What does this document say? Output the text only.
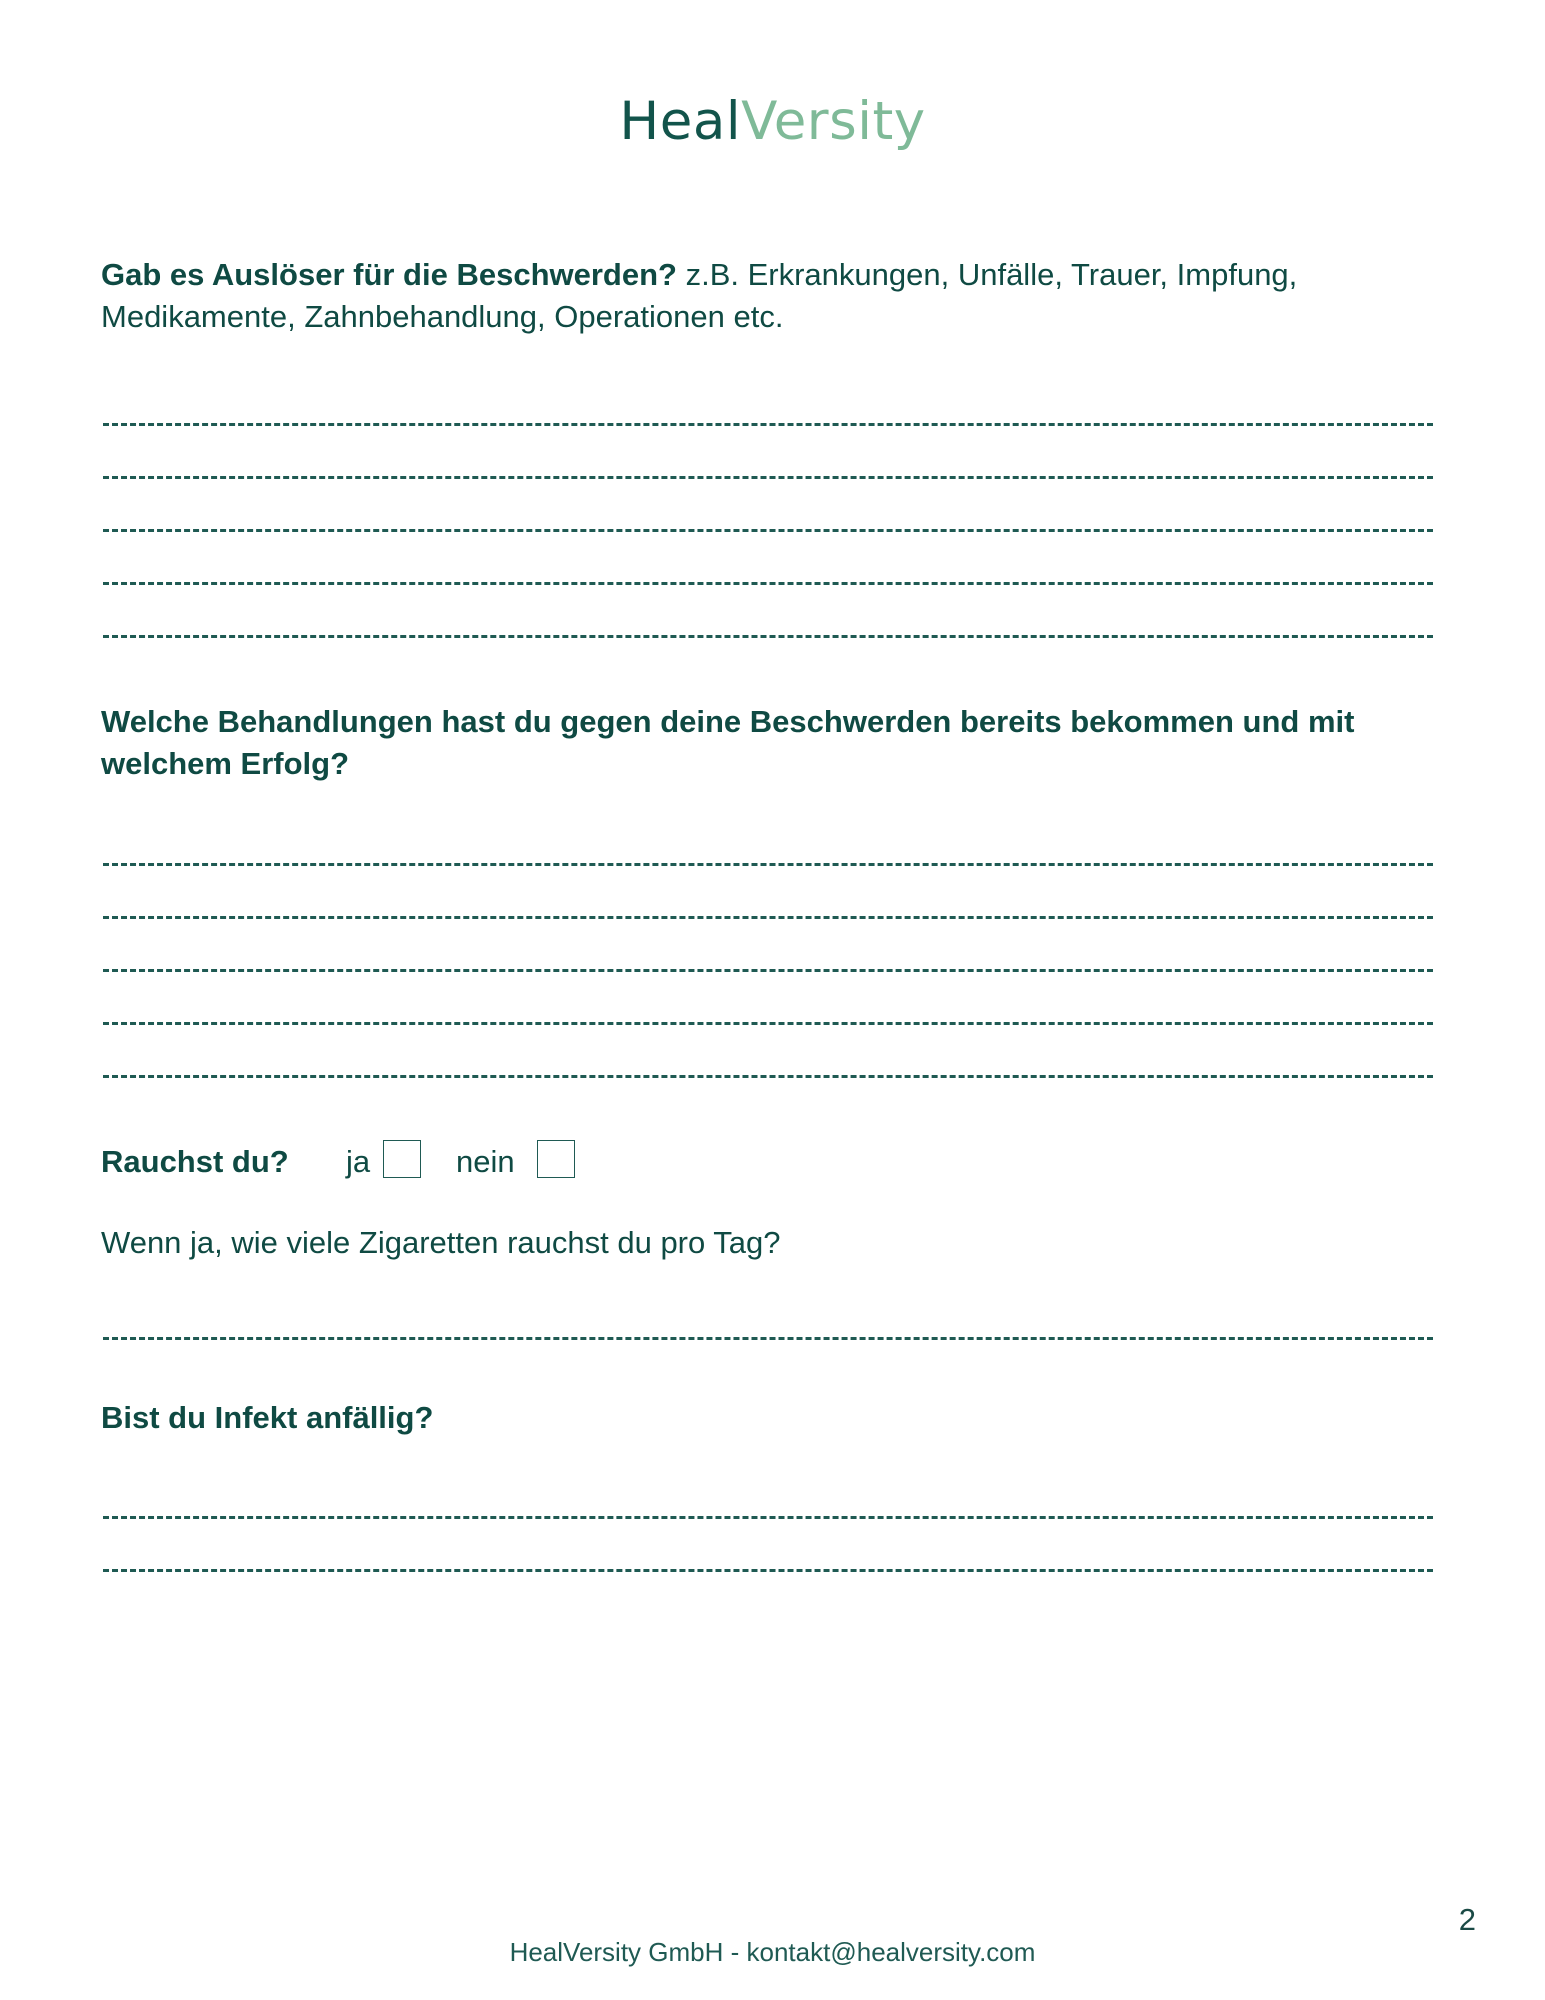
HealVersity
Gab es Auslöser für die Beschwerden? z.B. Erkrankungen, Unfälle, Trauer, Impfung, Medikamente, Zahnbehandlung, Operationen etc.
Welche Behandlungen hast du gegen deine Beschwerden bereits bekommen und mit welchem Erfolg?
Rauchst du? ja	nein
Wenn ja, wie viele Zigaretten rauchst du pro Tag?
Bist du Infekt anfällig?
2
HealVersity GmbH - kontakt@healversity.com
